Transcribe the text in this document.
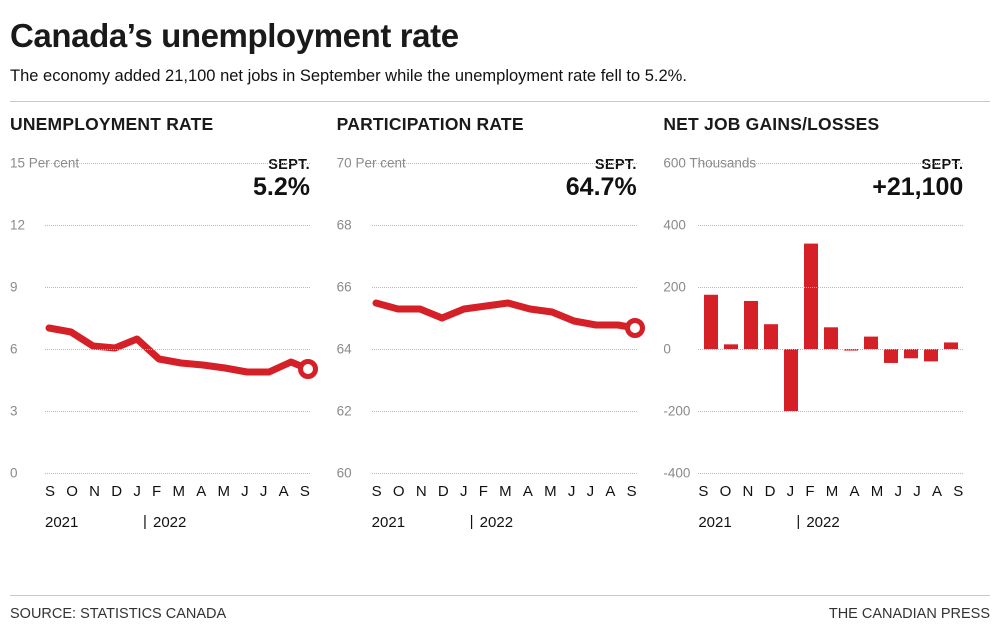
Canada’s unemployment rate

The economy added 21,100 net jobs in September while the unemployment rate fell to 5.2%.

UNEMPLOYMENT RATE
SEPT.
5.2%
15 Per cent
12
9
6
3
0
S O N D J F M A M J J A S
2021	| 2022
PARTICIPATION RATE
SEPT.
64.7%
70 Per cent
68
66
64
62
60
S O N D J F M A M J J A S
2021	| 2022
NET JOB GAINS/LOSSES
SEPT.
+21,100
600 Thousands
400
200
0
-200
-400
S O N D J F M A M J J A S
2021	| 2022
SOURCE: STATISTICS CANADA	THE CANADIAN PRESS
